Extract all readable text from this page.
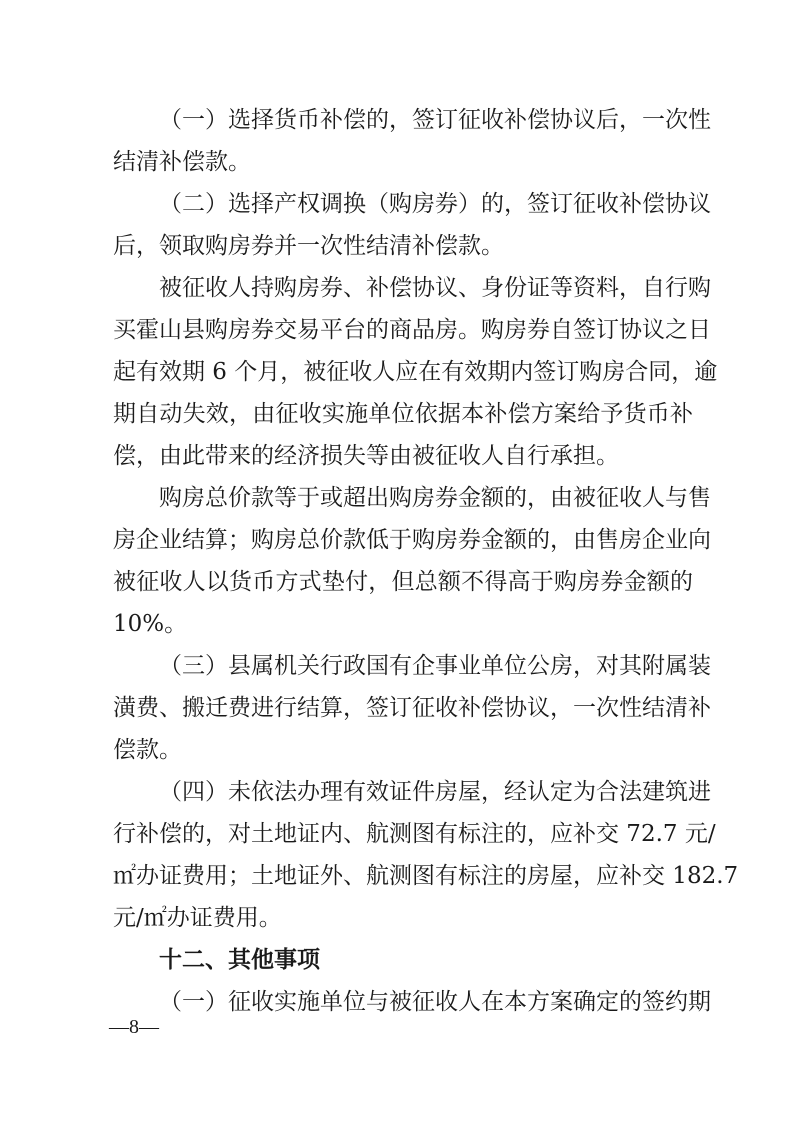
（一）选择货币补偿的，签订征收补偿协议后，一次性
结清补偿款。
（二）选择产权调换（购房券）的，签订征收补偿协议
后，领取购房券并一次性结清补偿款。
被征收人持购房券、补偿协议、身份证等资料，自行购
买霍山县购房券交易平台的商品房。购房券自签订协议之日
起有效期 6 个月，被征收人应在有效期内签订购房合同，逾
期自动失效，由征收实施单位依据本补偿方案给予货币补
偿，由此带来的经济损失等由被征收人自行承担。
购房总价款等于或超出购房券金额的，由被征收人与售
房企业结算；购房总价款低于购房券金额的，由售房企业向
被征收人以货币方式垫付，但总额不得高于购房券金额的
10%。
（三）县属机关行政国有企事业单位公房，对其附属装
潢费、搬迁费进行结算，签订征收补偿协议，一次性结清补
偿款。
（四）未依法办理有效证件房屋，经认定为合法建筑进
行补偿的，对土地证内、航测图有标注的，应补交 72.7 元/
㎡办证费用；土地证外、航测图有标注的房屋，应补交 182.7
元/㎡办证费用。
十二、其他事项
（一）征收实施单位与被征收人在本方案确定的签约期
—8—
